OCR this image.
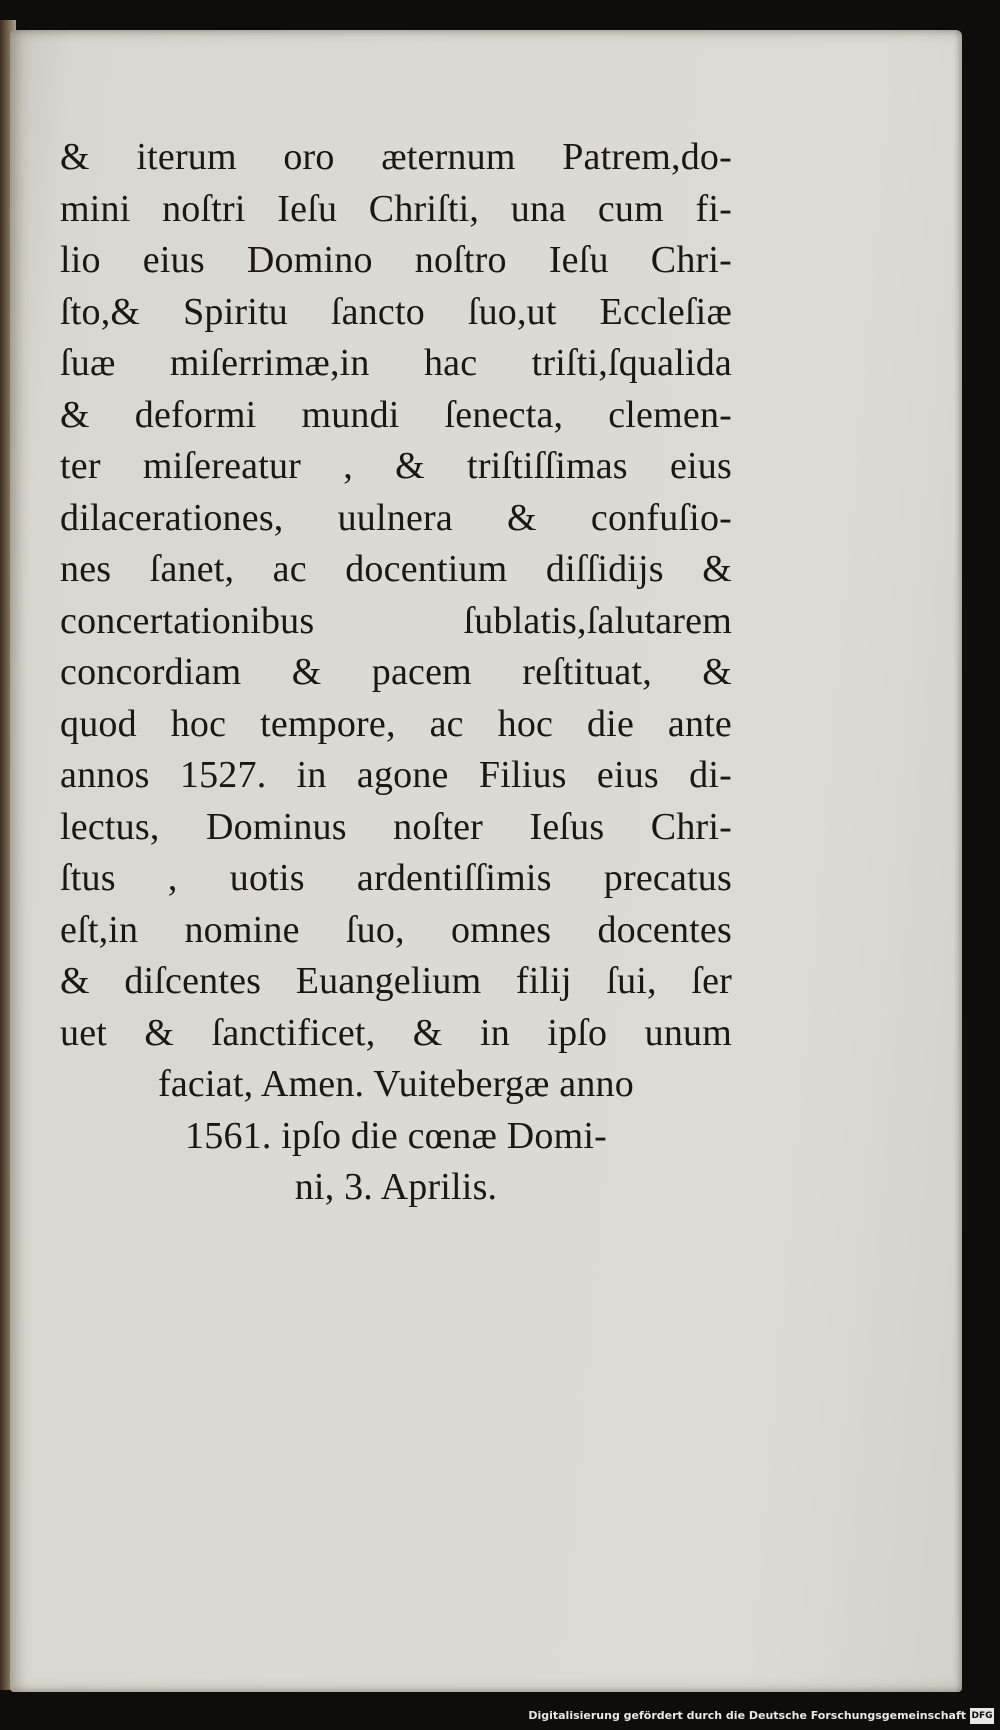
& iterum oro æternum Patrem,do-
mini noſtri Ieſu Chriſti, una cum fi-
lio eius Domino noſtro Ieſu Chri-
ſto,& Spiritu ſancto ſuo,ut Eccleſiæ
ſuæ miſerrimæ,in hac triſti,ſqualida
& deformi mundi ſenecta, clemen-
ter miſereatur , & triſtiſſimas eius
dilacerationes, uulnera & confuſio-
nes ſanet, ac docentium diſſidijs &
concertationibus ſublatis,ſalutarem
concordiam & pacem reſtituat, &
quod hoc tempore, ac hoc die ante
annos 1527. in agone Filius eius di-
lectus, Dominus noſter Ieſus Chri-
ſtus , uotis ardentiſſimis precatus
eſt,in nomine ſuo, omnes docentes
& diſcentes Euangelium filij ſui, ſer
uet & ſanctificet, & in ipſo unum
faciat, Amen. Vuitebergæ anno
1561. ipſo die cœnæ Domi-
ni, 3. Aprilis.
Digitalisierung gefördert durch die Deutsche Forschungsgemeinschaft DFG
